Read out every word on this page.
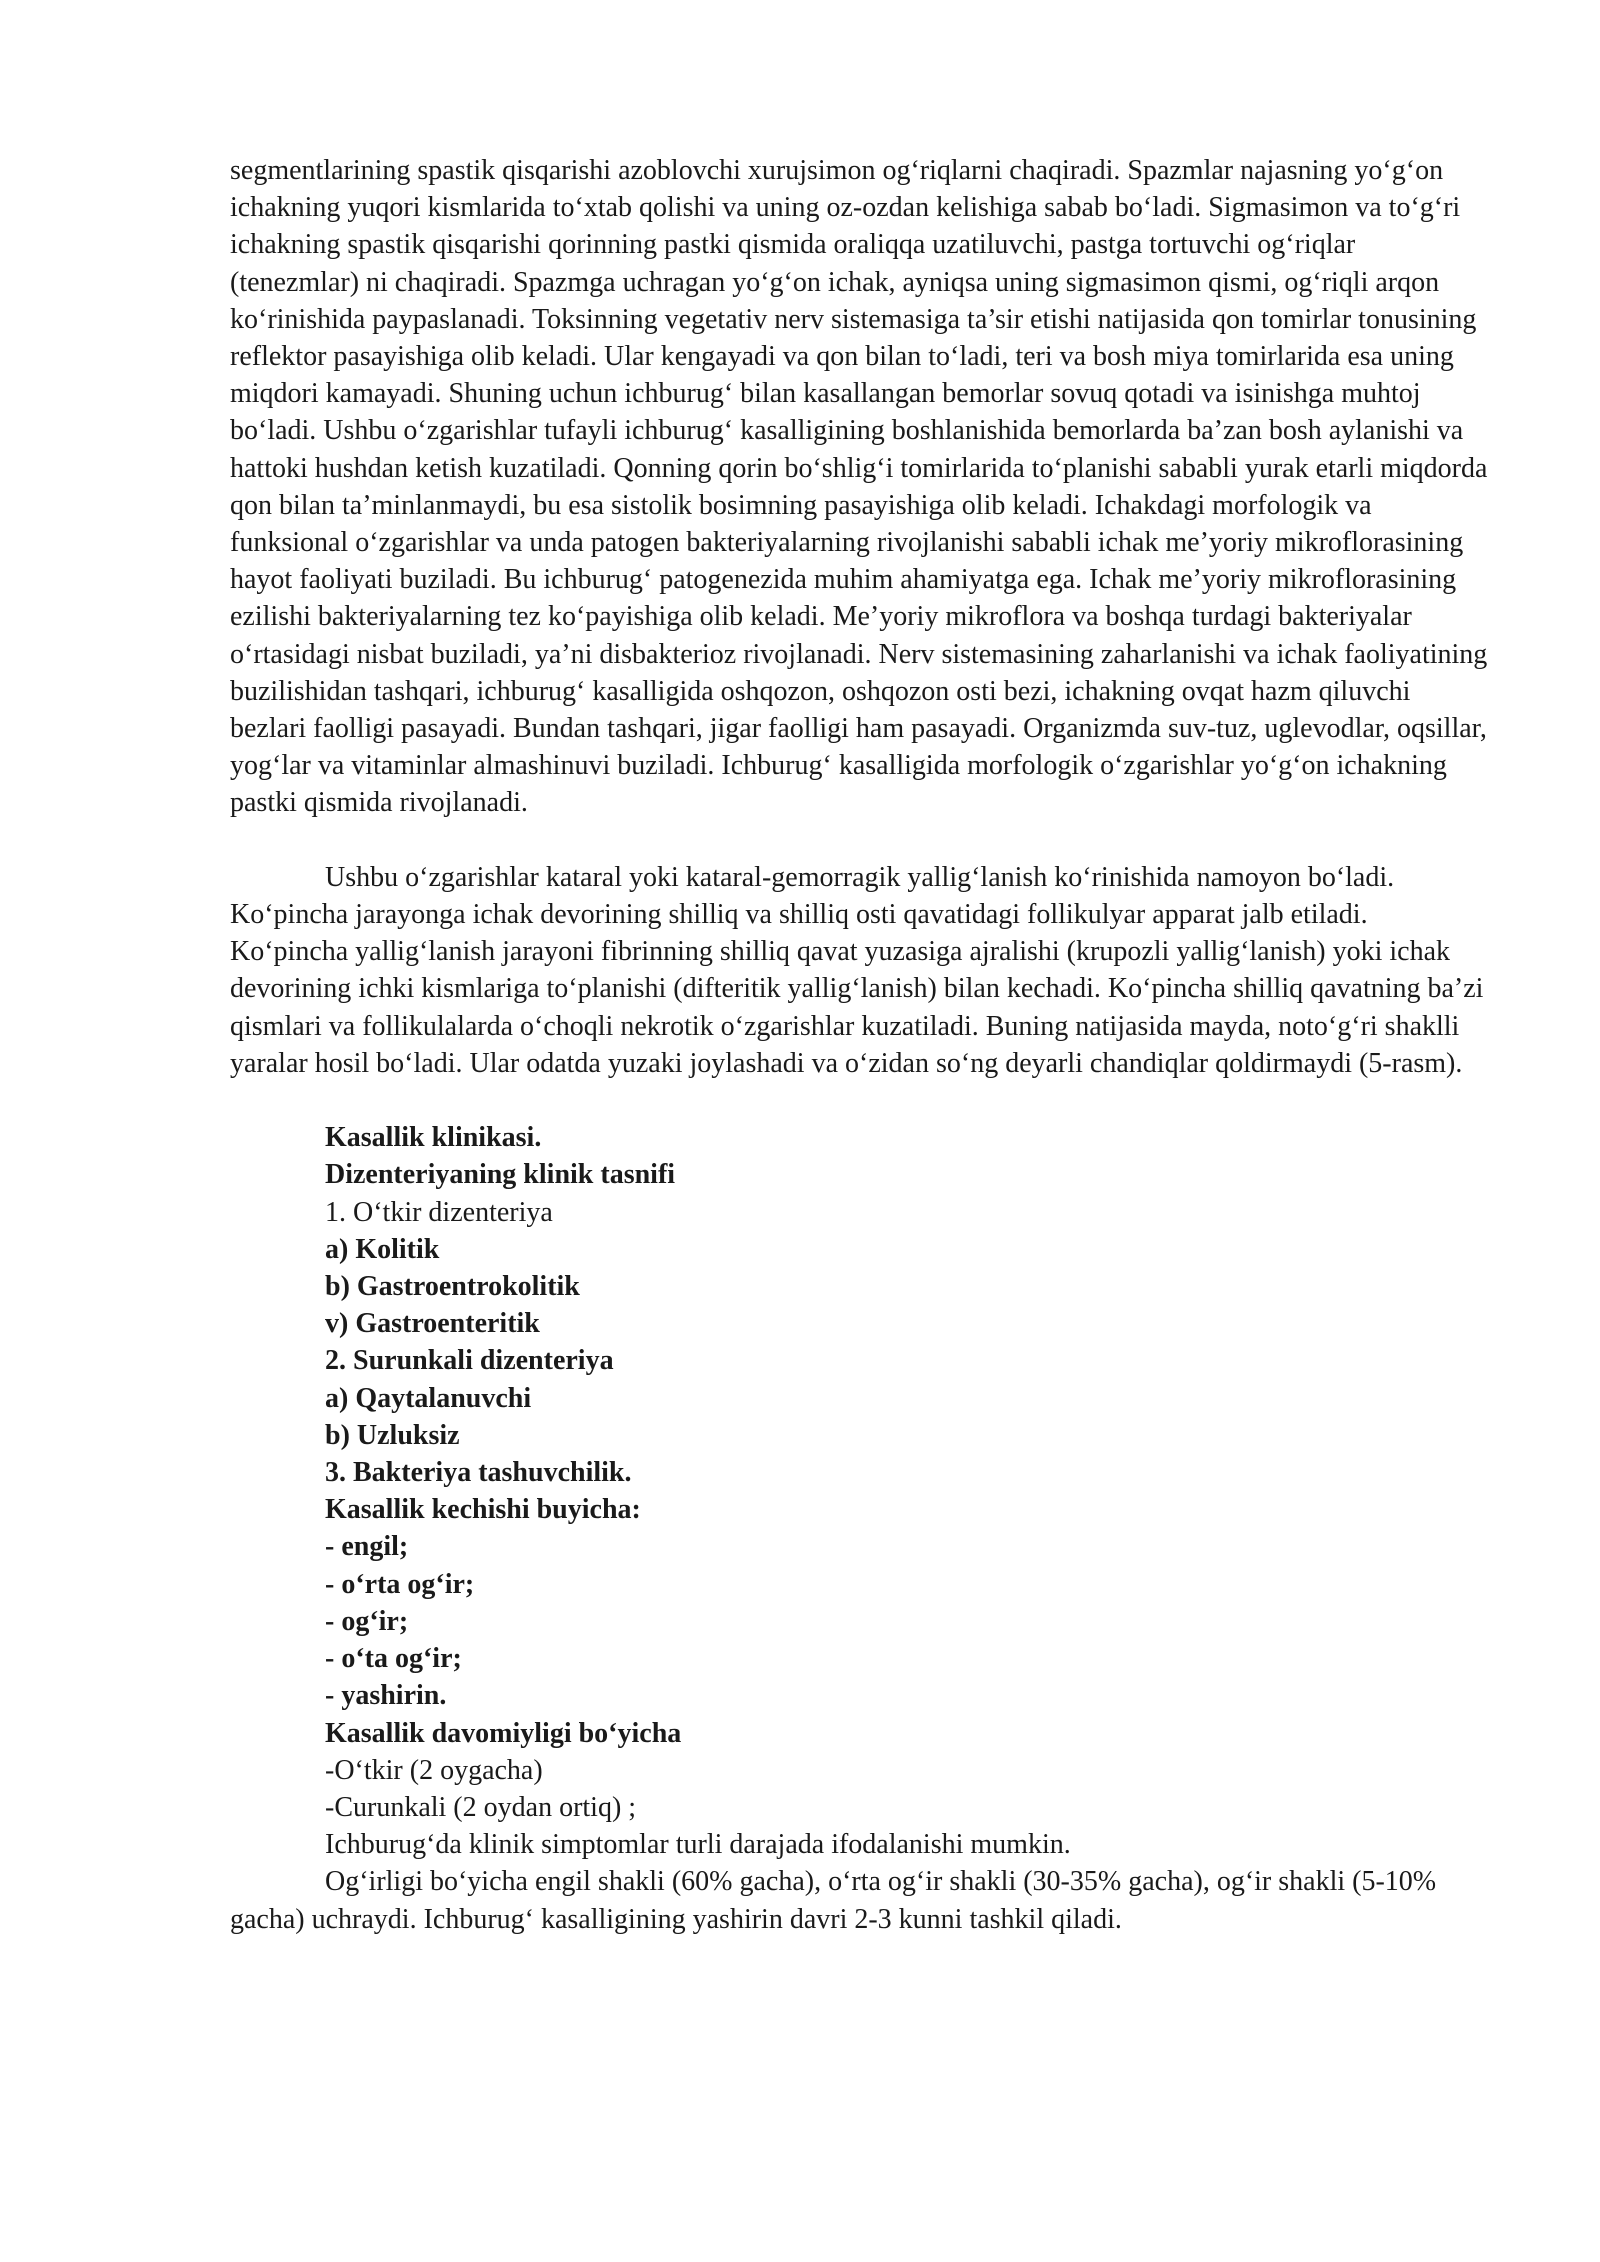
segmentlarining spastik qisqarishi azoblovchi xurujsimon og‘riqlarni chaqiradi. Spazmlar najasning yo‘g‘on ichakning yuqori kismlarida to‘xtab qolishi va uning oz-ozdan kelishiga sabab bo‘ladi. Sigmasimon va to‘g‘ri ichakning spastik qisqarishi qorinning pastki qismida oraliqqa uzatiluvchi, pastga tortuvchi og‘riqlar (tenezmlar) ni chaqiradi. Spazmga uchragan yo‘g‘on ichak, ayniqsa uning sigmasimon qismi, og‘riqli arqon ko‘rinishida paypaslanadi. Toksinning vegetativ nerv sistemasiga ta’sir etishi natijasida qon tomirlar tonusining reflektor pasayishiga olib keladi. Ular kengayadi va qon bilan to‘ladi, teri va bosh miya tomirlarida esa uning miqdori kamayadi. Shuning uchun ichburug‘ bilan kasallangan bemorlar sovuq qotadi va isinishga muhtoj bo‘ladi. Ushbu o‘zgarishlar tufayli ichburug‘ kasalligining boshlanishida bemorlarda ba’zan bosh aylanishi va hattoki hushdan ketish kuzatiladi. Qonning qorin bo‘shlig‘i tomirlarida to‘planishi sababli yurak etarli miqdorda qon bilan ta’minlanmaydi, bu esa sistolik bosimning pasayishiga olib keladi. Ichakdagi morfologik va funksional o‘zgarishlar va unda patogen bakteriyalarning rivojlanishi sababli ichak me’yoriy mikroflorasining hayot faoliyati buziladi. Bu ichburug‘ patogenezida muhim ahamiyatga ega. Ichak me’yoriy mikroflorasining ezilishi bakteriyalarning tez ko‘payishiga olib keladi. Me’yoriy mikroflora va boshqa turdagi bakteriyalar o‘rtasidagi nisbat buziladi, ya’ni disbakterioz rivojlanadi. Nerv sistemasining zaharlanishi va ichak faoliyatining buzilishidan tashqari, ichburug‘ kasalligida oshqozon, oshqozon osti bezi, ichakning ovqat hazm qiluvchi bezlari faolligi pasayadi. Bundan tashqari, jigar faolligi ham pasayadi. Organizmda suv-tuz, uglevodlar, oqsillar, yog‘lar va vitaminlar almashinuvi buziladi. Ichburug‘ kasalligida morfologik o‘zgarishlar yo‘g‘on ichakning pastki qismida rivojlanadi.

Ushbu o‘zgarishlar kataral yoki kataral-gemorragik yallig‘lanish ko‘rinishida namoyon bo‘ladi. Ko‘pincha jarayonga ichak devorining shilliq va shilliq osti qavatidagi follikulyar apparat jalb etiladi. Ko‘pincha yallig‘lanish jarayoni fibrinning shilliq qavat yuzasiga ajralishi (krupozli yallig‘lanish) yoki ichak devorining ichki kismlariga to‘planishi (difteritik yallig‘lanish) bilan kechadi. Ko‘pincha shilliq qavatning ba’zi qismlari va follikulalarda o‘choqli nekrotik o‘zgarishlar kuzatiladi. Buning natijasida mayda, noto‘g‘ri shaklli yaralar hosil bo‘ladi. Ular odatda yuzaki joylashadi va o‘zidan so‘ng deyarli chandiqlar qoldirmaydi (5-rasm).

Kasallik klinikasi.

Dizenteriyaning klinik tasnifi

1. O‘tkir dizenteriya

a) Kolitik

b) Gastroentrokolitik

v) Gastroenteritik

2. Surunkali dizenteriya

a) Qaytalanuvchi

b) Uzluksiz

3. Bakteriya tashuvchilik.

Kasallik kechishi buyicha:

- engil;

- o‘rta og‘ir;

- og‘ir;

- o‘ta og‘ir;

- yashirin.

Kasallik davomiyligi bo‘yicha

-O‘tkir (2 oygacha)

-Curunkali (2 oydan ortiq) ;

Ichburug‘da klinik simptomlar turli darajada ifodalanishi mumkin.

Og‘irligi bo‘yicha engil shakli (60% gacha), o‘rta og‘ir shakli (30-35% gacha), og‘ir shakli (5-10% gacha) uchraydi. Ichburug‘ kasalligining yashirin davri 2-3 kunni tashkil qiladi.
